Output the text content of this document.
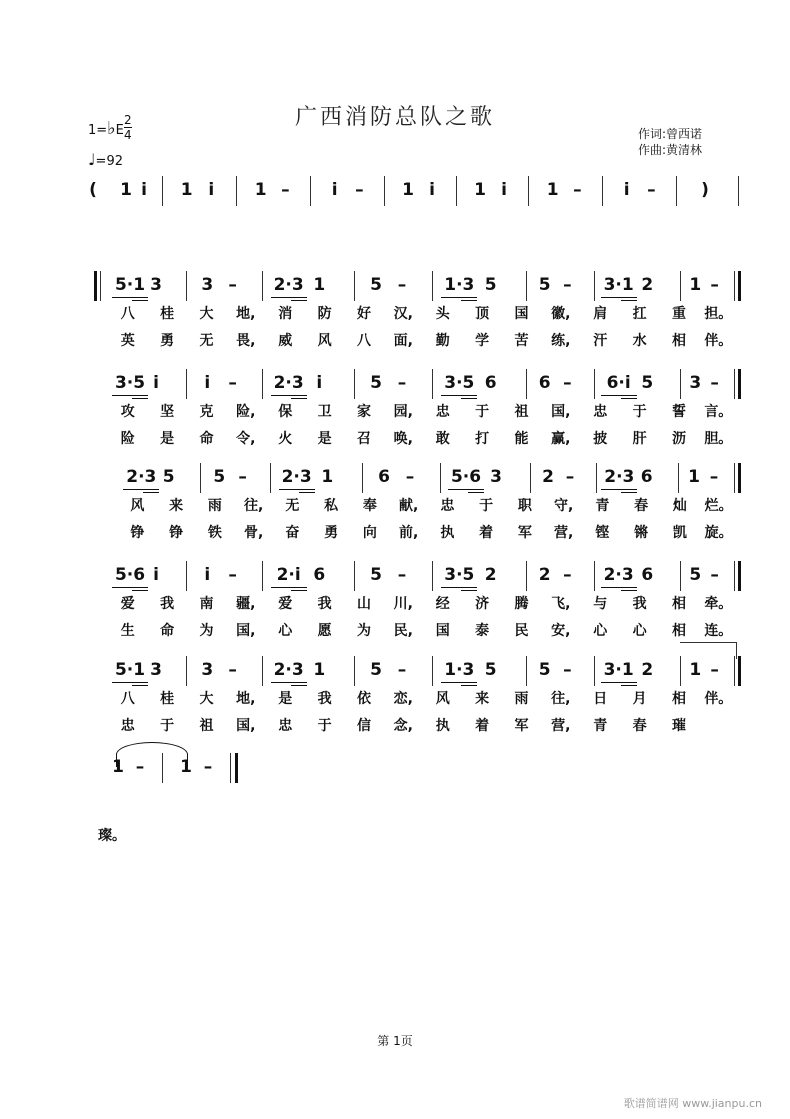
广西消防总队之歌
1=♭E $\frac{2}{4}$
♩=92
作词:曾西诺
作曲:黄清林
( 1 i 1 i 1 – i – 1 i 1 i 1 – i –	)
5·1 3 3 – 2·3 1	5 – 1·3 5 5 – 3·1 2 1 –
八 桂 大 地, 消 防 好 汉, 头 顶 国 徽, 肩 扛 重 担。
英 勇 无 畏, 威 风 八 面, 勤 学 苦 练, 汗 水 相 伴。
3·5 i	i – 2·3 i	5 – 3·5 6 6 – 6·i 5 3 –
攻 坚 克 险, 保 卫 家 园, 忠 于 祖 国, 忠 于 誓 言。
险 是 命 令, 火 是 召 唤, 敢 打 能 赢, 披 肝 沥 胆。
2·3 5 5 – 2·3 1	6 – 5·6 3 2 – 2·3 6 1 –
风 来 雨 往, 无 私 奉 献, 忠 于 职 守, 青 春 灿 烂。
铮 铮 铁 骨, 奋 勇 向 前, 执 着 军 营, 铿 锵 凯 旋。
5·6 i	i – 2·i 6	5 – 3·5 2 2 – 2·3 6 5 –
爱 我 南 疆, 爱 我 山 川, 经 济 腾 飞, 与 我 相 牵。
生 命 为 国, 心 愿 为 民, 国 泰 民 安, 心 心 相 连。
5·1 3 3 – 2·3 1	5 – 1·3 5 5 – 3·1 2 1 –
八 桂 大 地, 是 我 依 恋, 风 来 雨 往, 日 月 相 伴。
忠 于 祖 国, 忠 于 信 念, 执 着 军 营, 青 春 璀
1 – 1 –
璨。
第 1页
歌谱简谱网 www.jianpu.cn
